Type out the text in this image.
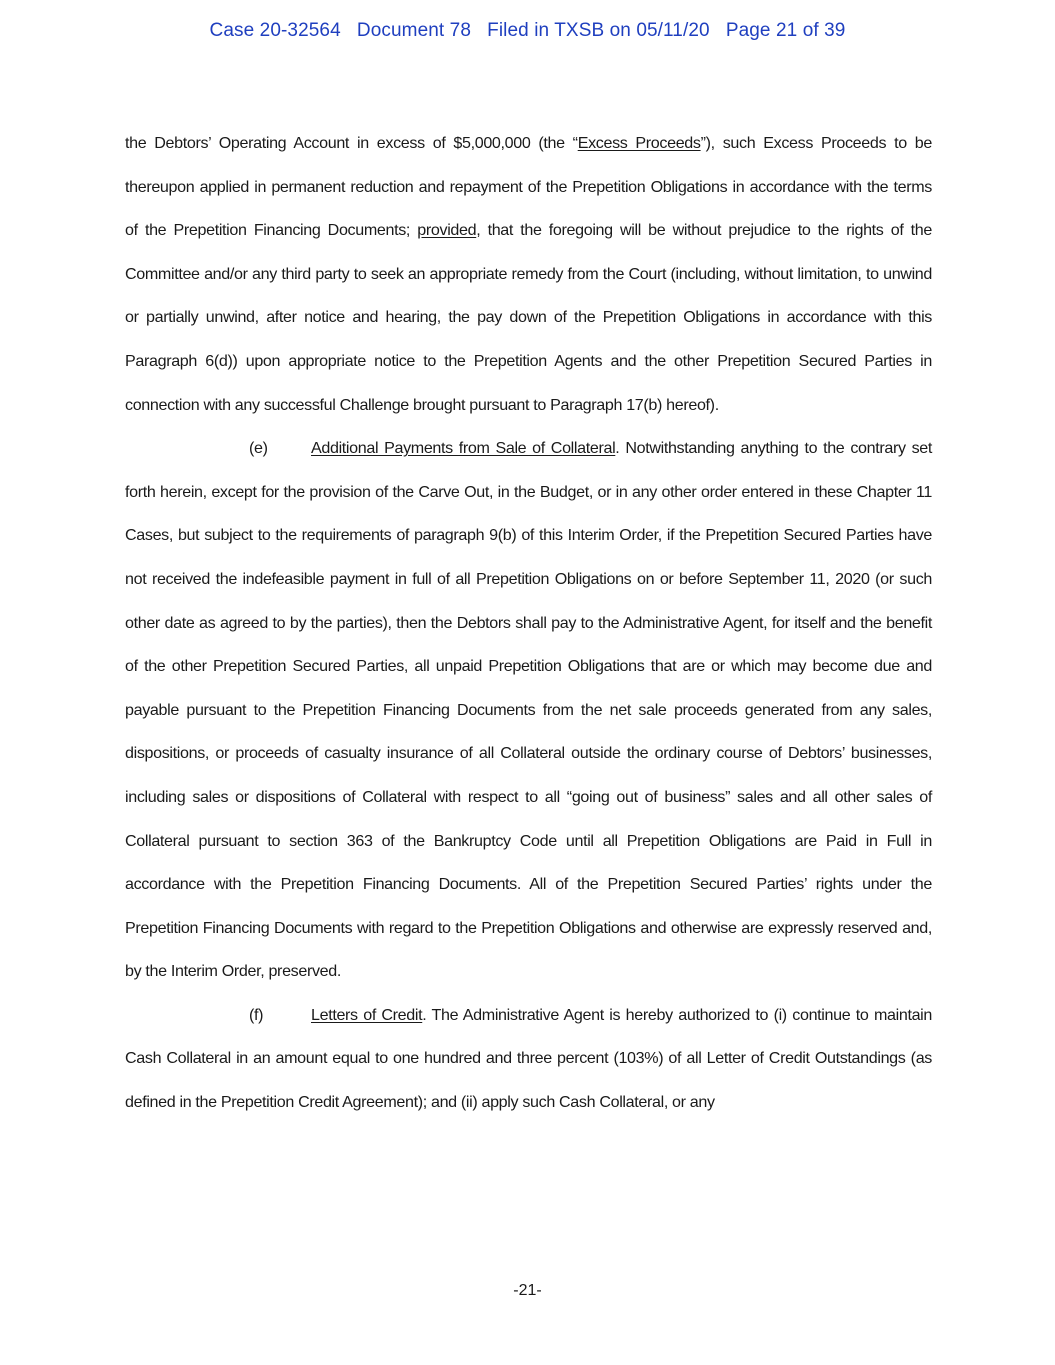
Case 20-32564   Document 78   Filed in TXSB on 05/11/20   Page 21 of 39

the Debtors’ Operating Account in excess of $5,000,000 (the “Excess Proceeds”), such Excess Proceeds to be thereupon applied in permanent reduction and repayment of the Prepetition Obligations in accordance with the terms of the Prepetition Financing Documents; provided, that the foregoing will be without prejudice to the rights of the Committee and/or any third party to seek an appropriate remedy from the Court (including, without limitation, to unwind or partially unwind, after notice and hearing, the pay down of the Prepetition Obligations in accordance with this Paragraph 6(d)) upon appropriate notice to the Prepetition Agents and the other Prepetition Secured Parties in connection with any successful Challenge brought pursuant to Paragraph 17(b) hereof).

(e)	Additional Payments from Sale of Collateral. Notwithstanding anything to the contrary set forth herein, except for the provision of the Carve Out, in the Budget, or in any other order entered in these Chapter 11 Cases, but subject to the requirements of paragraph 9(b) of this Interim Order, if the Prepetition Secured Parties have not received the indefeasible payment in full of all Prepetition Obligations on or before September 11, 2020 (or such other date as agreed to by the parties), then the Debtors shall pay to the Administrative Agent, for itself and the benefit of the other Prepetition Secured Parties, all unpaid Prepetition Obligations that are or which may become due and payable pursuant to the Prepetition Financing Documents from the net sale proceeds generated from any sales, dispositions, or proceeds of casualty insurance of all Collateral outside the ordinary course of Debtors’ businesses, including sales or dispositions of Collateral with respect to all “going out of business” sales and all other sales of Collateral pursuant to section 363 of the Bankruptcy Code until all Prepetition Obligations are Paid in Full in accordance with the Prepetition Financing Documents. All of the Prepetition Secured Parties’ rights under the Prepetition Financing Documents with regard to the Prepetition Obligations and otherwise are expressly reserved and, by the Interim Order, preserved.

(f)	Letters of Credit. The Administrative Agent is hereby authorized to (i) continue to maintain Cash Collateral in an amount equal to one hundred and three percent (103%) of all Letter of Credit Outstandings (as defined in the Prepetition Credit Agreement); and (ii) apply such Cash Collateral, or any

-21-
